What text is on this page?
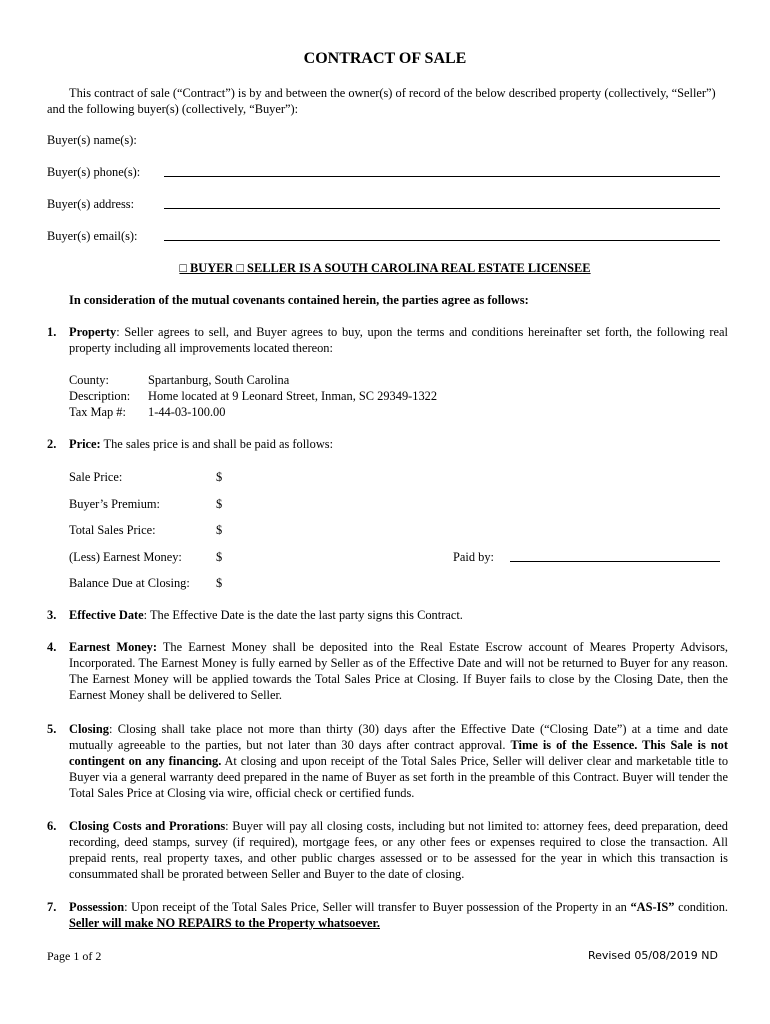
CONTRACT OF SALE
This contract of sale (“Contract”) is by and between the owner(s) of record of the below described property (collectively, “Seller”) and the following buyer(s) (collectively, “Buyer”):
Buyer(s) name(s):
Buyer(s) phone(s):
Buyer(s) address:
Buyer(s) email(s):
□ BUYER □ SELLER IS A SOUTH CAROLINA REAL ESTATE LICENSEE
In consideration of the mutual covenants contained herein, the parties agree as follows:
1. Property: Seller agrees to sell, and Buyer agrees to buy, upon the terms and conditions hereinafter set forth, the following real property including all improvements located thereon:
County:	Spartanburg, South Carolina
Description: Home located at 9 Leonard Street, Inman, SC 29349-1322
Tax Map #: 1-44-03-100.00
2. Price: The sales price is and shall be paid as follows:
Sale Price:	$
Buyer’s Premium:	$
Total Sales Price:	$
(Less) Earnest Money:	$	Paid by:
Balance Due at Closing: $
3. Effective Date: The Effective Date is the date the last party signs this Contract.
4. Earnest Money: The Earnest Money shall be deposited into the Real Estate Escrow account of Meares Property Advisors, Incorporated. The Earnest Money is fully earned by Seller as of the Effective Date and will not be returned to Buyer for any reason. The Earnest Money will be applied towards the Total Sales Price at Closing. If Buyer fails to close by the Closing Date, then the Earnest Money shall be delivered to Seller.
5. Closing: Closing shall take place not more than thirty (30) days after the Effective Date (“Closing Date”) at a time and date mutually agreeable to the parties, but not later than 30 days after contract approval. Time is of the Essence. This Sale is not contingent on any financing. At closing and upon receipt of the Total Sales Price, Seller will deliver clear and marketable title to Buyer via a general warranty deed prepared in the name of Buyer as set forth in the preamble of this Contract. Buyer will tender the Total Sales Price at Closing via wire, official check or certified funds.
6. Closing Costs and Prorations: Buyer will pay all closing costs, including but not limited to: attorney fees, deed preparation, deed recording, deed stamps, survey (if required), mortgage fees, or any other fees or expenses required to close the transaction. All prepaid rents, real property taxes, and other public charges assessed or to be assessed for the year in which this transaction is consummated shall be prorated between Seller and Buyer to the date of closing.
7. Possession: Upon receipt of the Total Sales Price, Seller will transfer to Buyer possession of the Property in an “AS-IS” condition. Seller will make NO REPAIRS to the Property whatsoever.
Page 1 of 2	Revised 05/08/2019 ND
